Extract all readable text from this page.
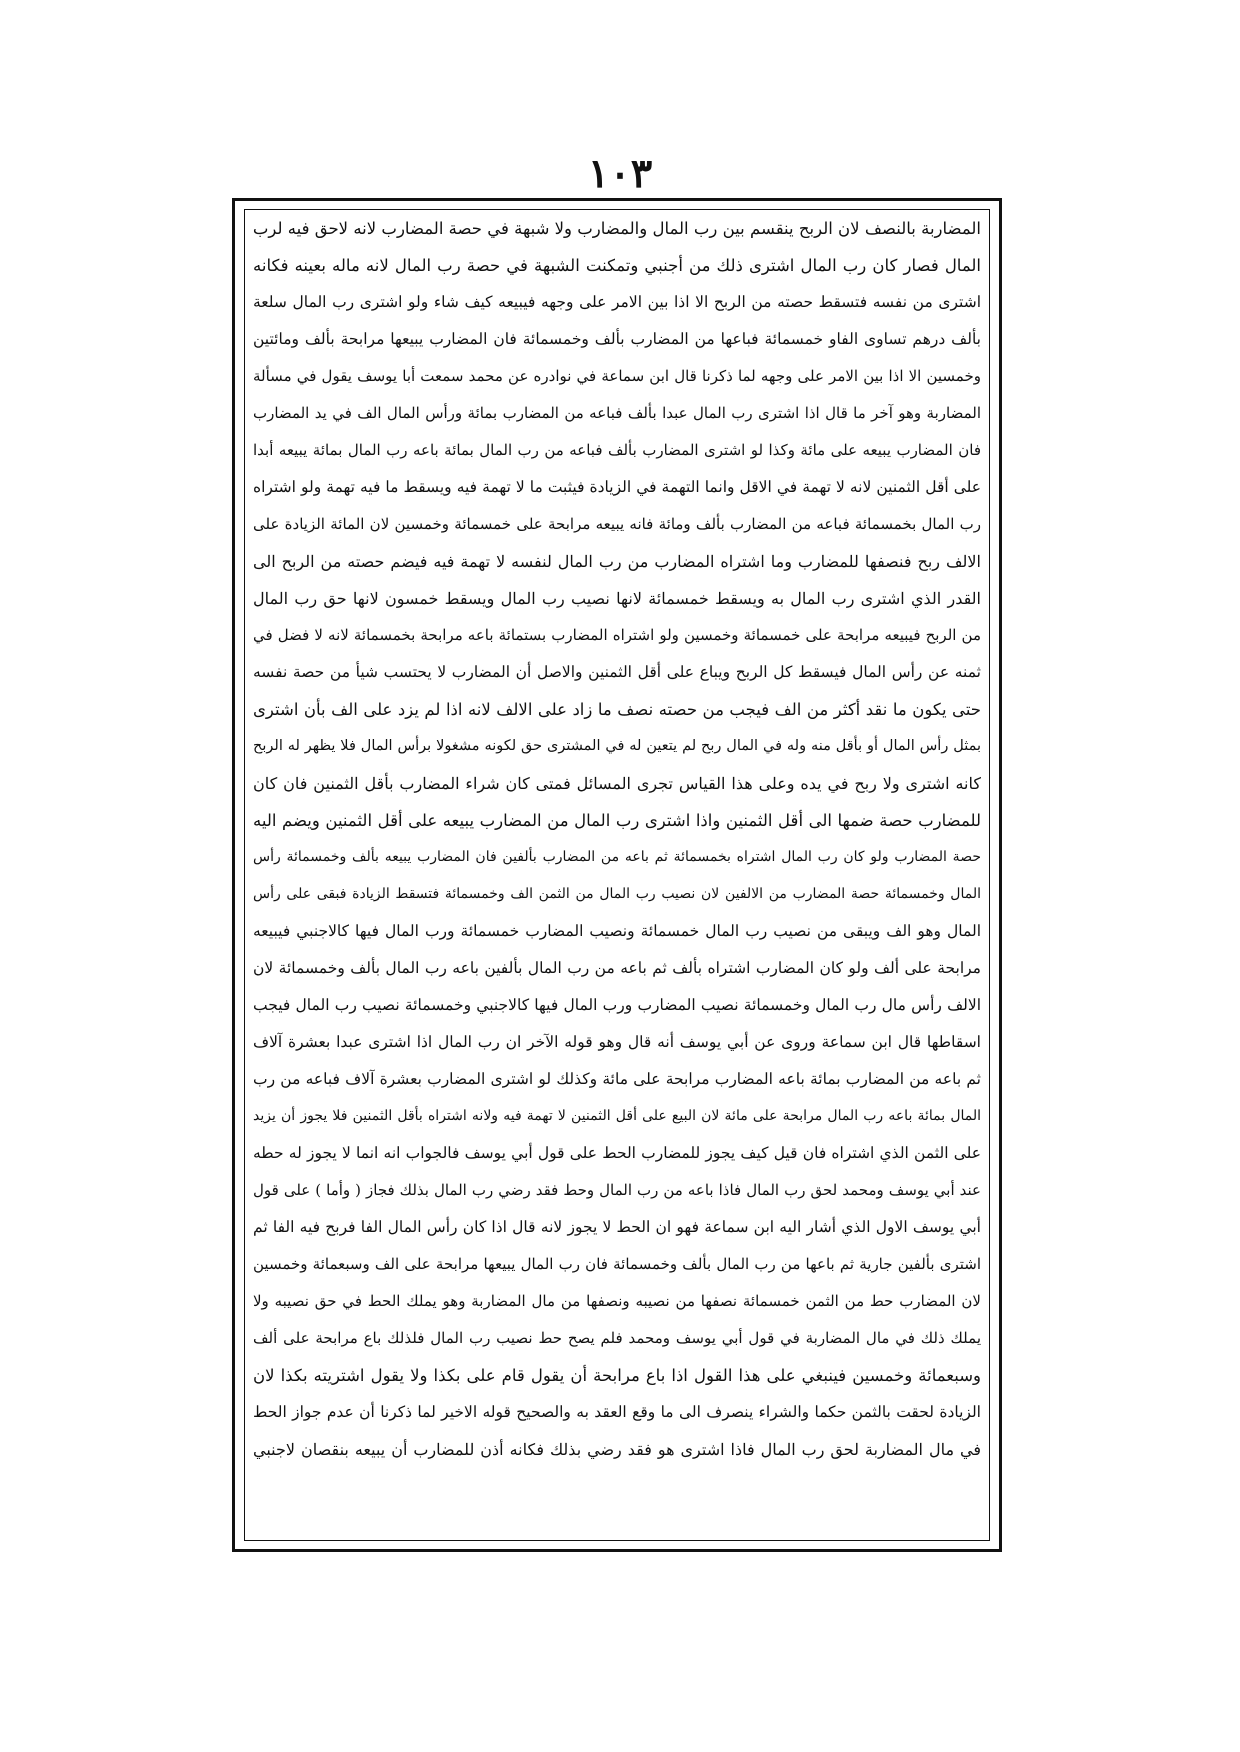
١٠٣
المضاربة بالنصف لان الربح ينقسم بين رب المال والمضارب ولا شبهة في حصة المضارب لانه لاحق فيه لرب
المال فصار كان رب المال اشترى ذلك من أجنبي وتمكنت الشبهة في حصة رب المال لانه ماله بعينه فكانه
اشترى من نفسه فتسقط حصته من الربح الا اذا بين الامر على وجهه فيبيعه كيف شاء ولو اشترى رب المال سلعة
بألف درهم تساوى الفاو خمسمائة فباعها من المضارب بألف وخمسمائة فان المضارب يبيعها مرابحة بألف ومائتين
وخمسين الا اذا بين الامر على وجهه لما ذكرنا قال ابن سماعة في نوادره عن محمد سمعت أبا يوسف يقول في مسألة
المضاربة وهو آخر ما قال اذا اشترى رب المال عبدا بألف فباعه من المضارب بمائة ورأس المال الف في يد المضارب
فان المضارب يبيعه على مائة وكذا لو اشترى المضارب بألف فباعه من رب المال بمائة باعه رب المال بمائة يبيعه أبدا
على أقل الثمنين لانه لا تهمة في الاقل وانما التهمة في الزيادة فيثبت ما لا تهمة فيه ويسقط ما فيه تهمة ولو اشتراه
رب المال بخمسمائة فباعه من المضارب بألف ومائة فانه يبيعه مرابحة على خمسمائة وخمسين لان المائة الزيادة على
الالف ربح فنصفها للمضارب وما اشتراه المضارب من رب المال لنفسه لا تهمة فيه فيضم حصته من الربح الى
القدر الذي اشترى رب المال به ويسقط خمسمائة لانها نصيب رب المال ويسقط خمسون لانها حق رب المال
من الربح فيبيعه مرابحة على خمسمائة وخمسين ولو اشتراه المضارب بستمائة باعه مرابحة بخمسمائة لانه لا فضل في
ثمنه عن رأس المال فيسقط كل الربح ويباع على أقل الثمنين والاصل أن المضارب لا يحتسب شيأ من حصة نفسه
حتى يكون ما نقد أكثر من الف فيجب من حصته نصف ما زاد على الالف لانه اذا لم يزد على الف بأن اشترى
بمثل رأس المال أو بأقل منه وله في المال ربح لم يتعين له في المشترى حق لكونه مشغولا برأس المال فلا يظهر له الربح
كانه اشترى ولا ربح في يده وعلى هذا القياس تجرى المسائل فمتى كان شراء المضارب بأقل الثمنين فان كان
للمضارب حصة ضمها الى أقل الثمنين واذا اشترى رب المال من المضارب يبيعه على أقل الثمنين ويضم اليه
حصة المضارب ولو كان رب المال اشتراه بخمسمائة ثم باعه من المضارب بألفين فان المضارب يبيعه بألف وخمسمائة رأس
المال وخمسمائة حصة المضارب من الالفين لان نصيب رب المال من الثمن الف وخمسمائة فتسقط الزيادة فبقى على رأس
المال وهو الف ويبقى من نصيب رب المال خمسمائة ونصيب المضارب خمسمائة ورب المال فيها كالاجنبي فيبيعه
مرابحة على ألف ولو كان المضارب اشتراه بألف ثم باعه من رب المال بألفين باعه رب المال بألف وخمسمائة لان
الالف رأس مال رب المال وخمسمائة نصيب المضارب ورب المال فيها كالاجنبي وخمسمائة نصيب رب المال فيجب
اسقاطها قال ابن سماعة وروى عن أبي يوسف أنه قال وهو قوله الآخر ان رب المال اذا اشترى عبدا بعشرة آلاف
ثم باعه من المضارب بمائة باعه المضارب مرابحة على مائة وكذلك لو اشترى المضارب بعشرة آلاف فباعه من رب
المال بمائة باعه رب المال مرابحة على مائة لان البيع على أقل الثمنين لا تهمة فيه ولانه اشتراه بأقل الثمنين فلا يجوز أن يزيد
على الثمن الذي اشتراه فان قيل كيف يجوز للمضارب الحط على قول أبي يوسف فالجواب انه انما لا يجوز له حطه
عند أبي يوسف ومحمد لحق رب المال فاذا باعه من رب المال وحط فقد رضي رب المال بذلك فجاز ( وأما ) على قول
أبي يوسف الاول الذي أشار اليه ابن سماعة فهو ان الحط لا يجوز لانه قال اذا كان رأس المال الفا فربح فيه الفا ثم
اشترى بألفين جارية ثم باعها من رب المال بألف وخمسمائة فان رب المال يبيعها مرابحة على الف وسبعمائة وخمسين
لان المضارب حط من الثمن خمسمائة نصفها من نصيبه ونصفها من مال المضاربة وهو يملك الحط في حق نصيبه ولا
يملك ذلك في مال المضاربة في قول أبي يوسف ومحمد فلم يصح حط نصيب رب المال فلذلك باع مرابحة على ألف
وسبعمائة وخمسين فينبغي على هذا القول اذا باع مرابحة أن يقول قام على بكذا ولا يقول اشتريته بكذا لان
الزيادة لحقت بالثمن حكما والشراء ينصرف الى ما وقع العقد به والصحيح قوله الاخير لما ذكرنا أن عدم جواز الحط
في مال المضاربة لحق رب المال فاذا اشترى هو فقد رضي بذلك فكانه أذن للمضارب أن يبيعه بنقصان لاجنبي
